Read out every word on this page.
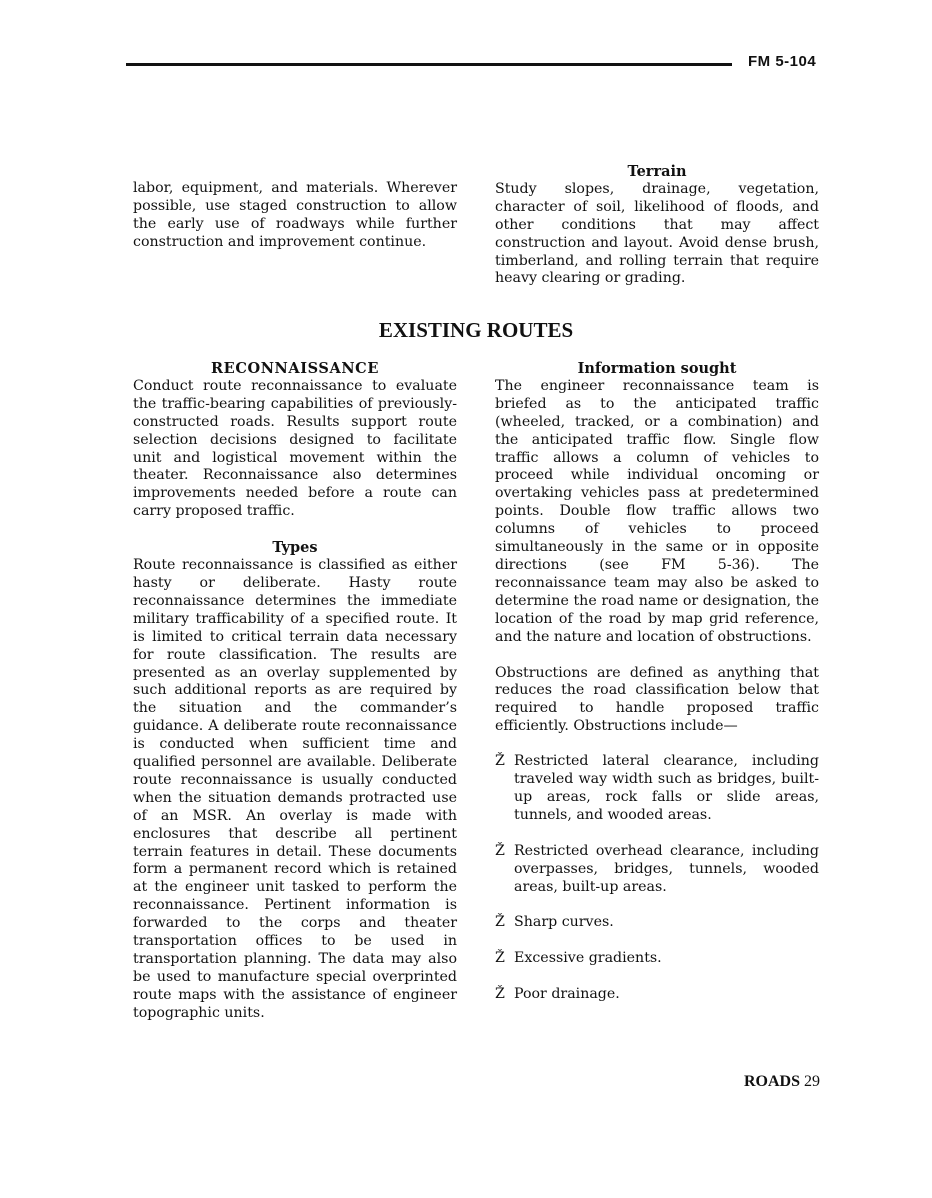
FM 5-104

labor, equipment, and materials. Wherever possible, use staged construction to allow the early use of roadways while further construction and improvement continue.

Terrain

Study slopes, drainage, vegetation, character of soil, likelihood of floods, and other conditions that may affect construction and layout. Avoid dense brush, timberland, and rolling terrain that require heavy clearing or grading.

EXISTING ROUTES
RECONNAISSANCE

Conduct route reconnaissance to evaluate the traffic-bearing capabilities of previously-constructed roads. Results support route selection decisions designed to facilitate unit and logistical movement within the theater. Reconnaissance also determines improvements needed before a route can carry proposed traffic.

Types

Route reconnaissance is classified as either hasty or deliberate. Hasty route reconnaissance determines the immediate military trafficability of a specified route. It is limited to critical terrain data necessary for route classification. The results are presented as an overlay supplemented by such additional reports as are required by the situation and the commander’s guidance. A deliberate route reconnaissance is conducted when sufficient time and qualified personnel are available. Deliberate route reconnaissance is usually conducted when the situation demands protracted use of an MSR. An overlay is made with enclosures that describe all pertinent terrain features in detail. These documents form a permanent record which is retained at the engineer unit tasked to perform the reconnaissance. Pertinent information is forwarded to the corps and theater transportation offices to be used in transportation planning. The data may also be used to manufacture special overprinted route maps with the assistance of engineer topographic units.

Information sought

The engineer reconnaissance team is briefed as to the anticipated traffic (wheeled, tracked, or a combination) and the anticipated traffic flow. Single flow traffic allows a column of vehicles to proceed while individual oncoming or overtaking vehicles pass at predetermined points. Double flow traffic allows two columns of vehicles to proceed simultaneously in the same or in opposite directions (see FM 5-36). The reconnaissance team may also be asked to determine the road name or designation, the location of the road by map grid reference, and the nature and location of obstructions.

Obstructions are defined as anything that reduces the road classification below that required to handle proposed traffic efficiently. Obstructions include—

Ž Restricted lateral clearance, including traveled way width such as bridges, built-up areas, rock falls or slide areas, tunnels, and wooded areas.

Ž Restricted overhead clearance, including overpasses, bridges, tunnels, wooded areas, built-up areas.

Ž Sharp curves.

Ž Excessive gradients.

Ž Poor drainage.

ROADS 29
